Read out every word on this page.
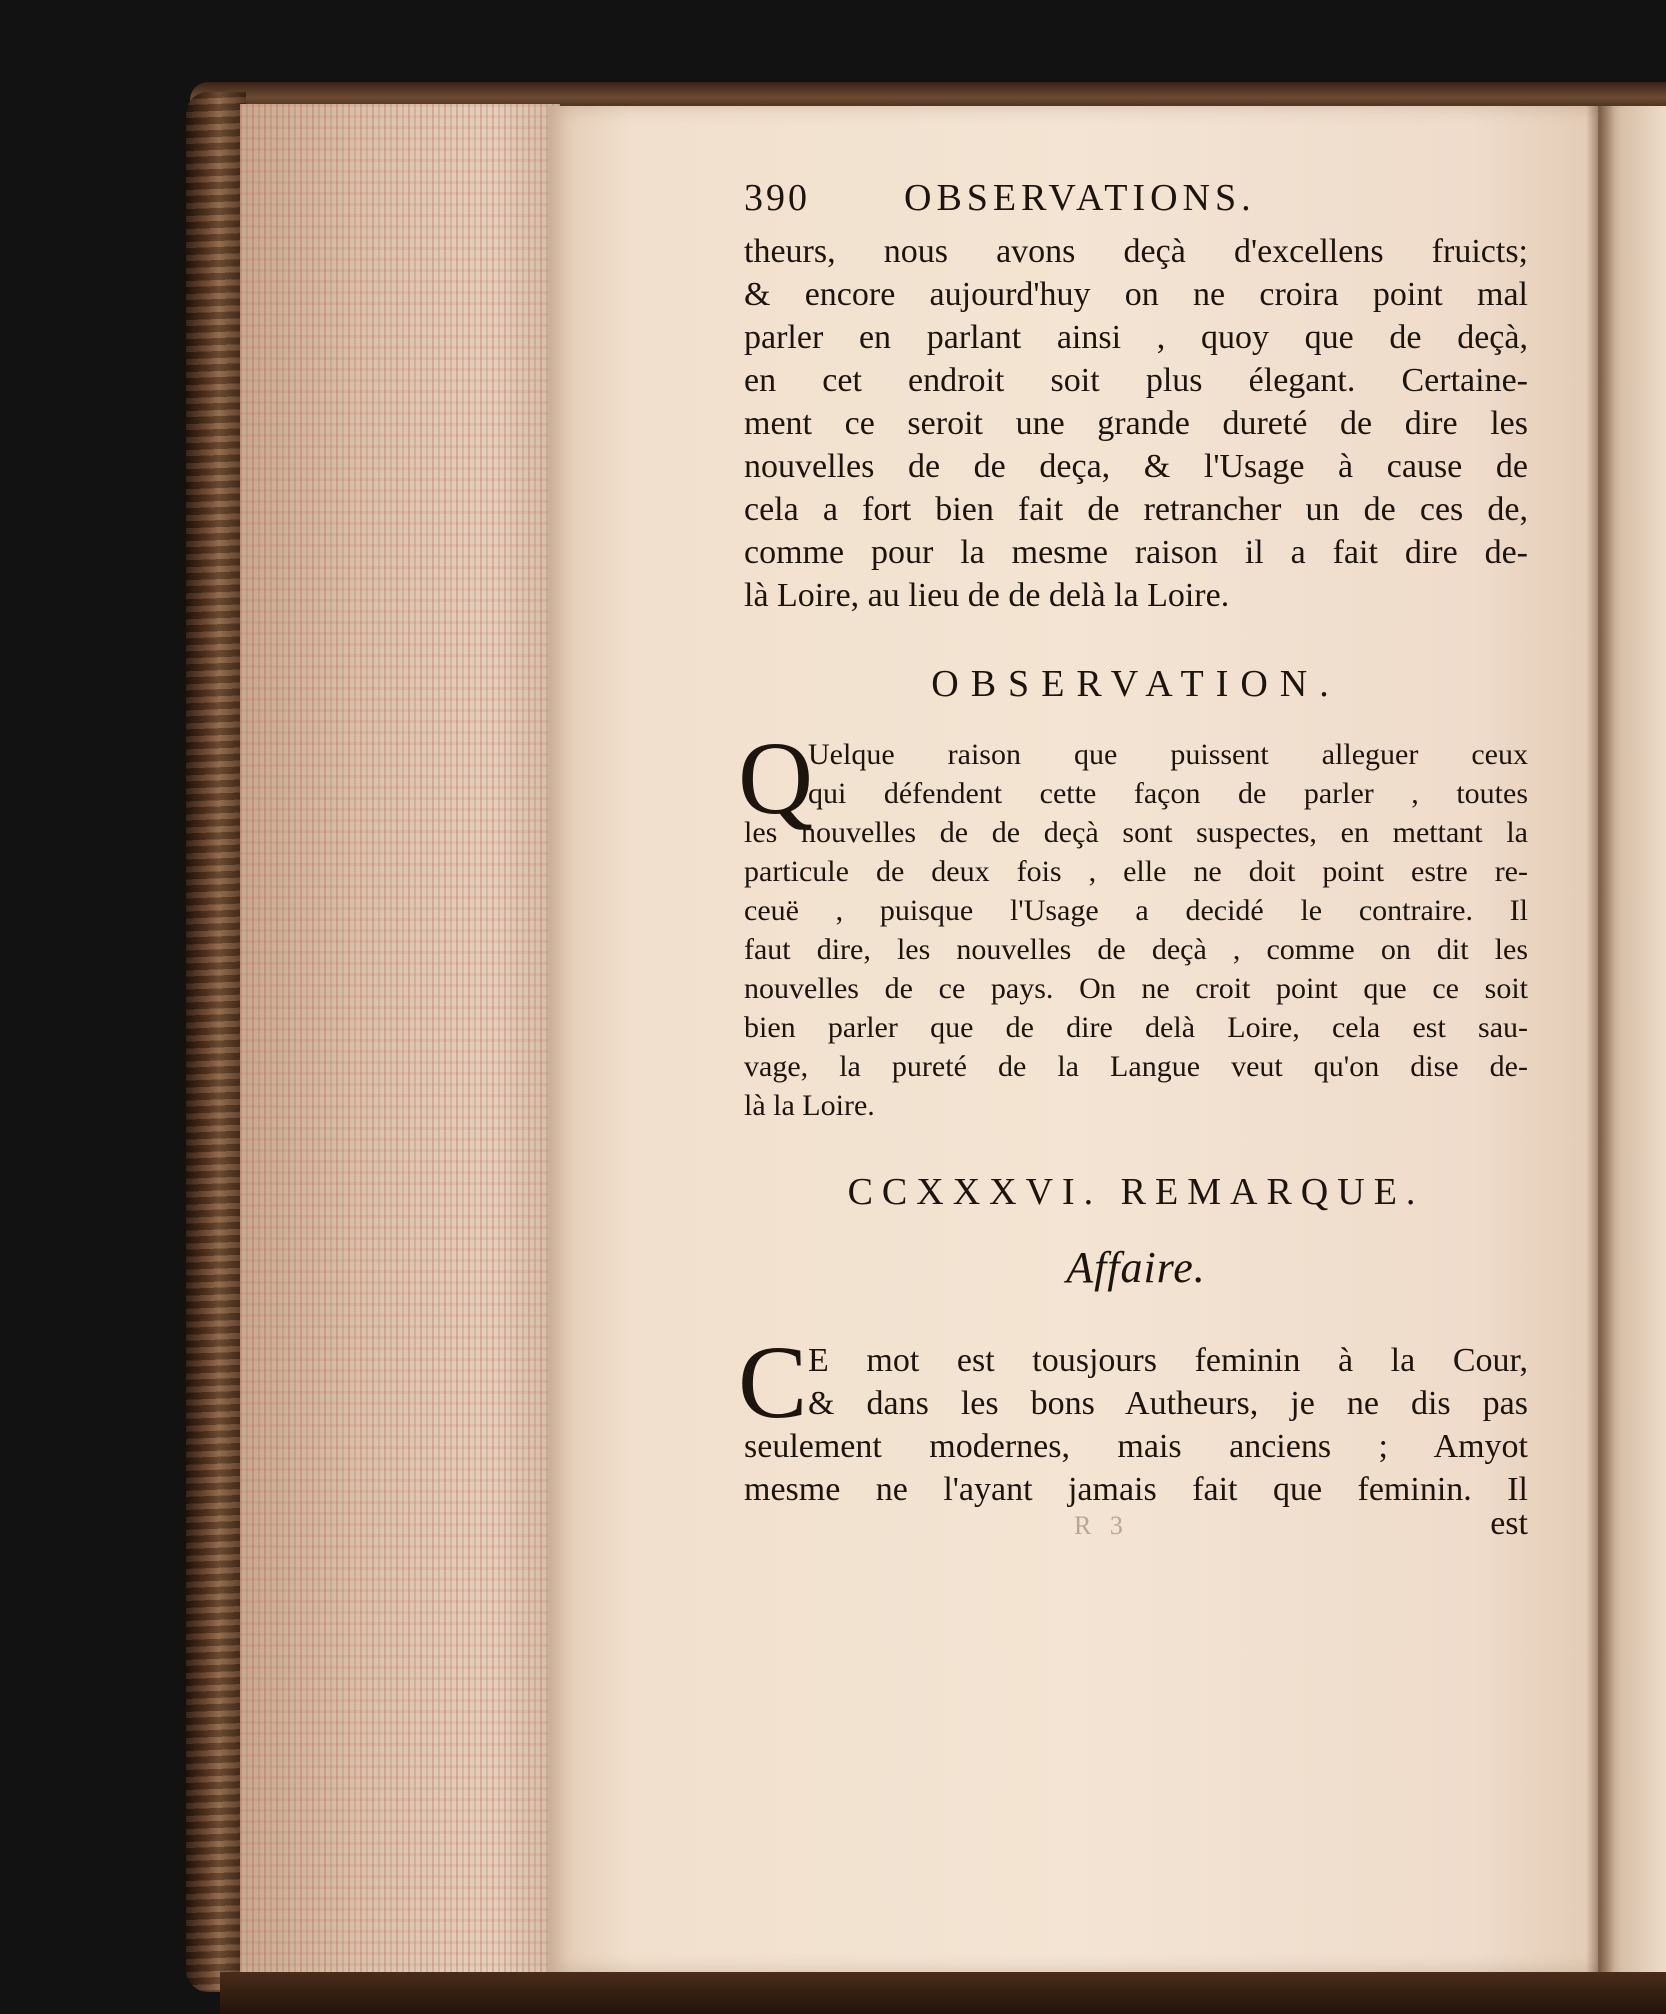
390 OBSERVATIONS.
theurs, nous avons deçà d'excellens fruicts;
& encore aujourd'huy on ne croira point mal
parler en parlant ainsi , quoy que de deçà,
en cet endroit soit plus élegant. Certaine-
ment ce seroit une grande dureté de dire les
nouvelles de de deça, & l'Usage à cause de
cela a fort bien fait de retrancher un de ces de,
comme pour la mesme raison il a fait dire de-
là Loire, au lieu de de delà la Loire.
OBSERVATION.
Q
Uelque raison que puissent alleguer ceux
qui défendent cette façon de parler , toutes
les nouvelles de de deçà sont suspectes, en mettant la
particule de deux fois , elle ne doit point estre re-
ceuë , puisque l'Usage a decidé le contraire. Il
faut dire, les nouvelles de deçà , comme on dit les
nouvelles de ce pays. On ne croit point que ce soit
bien parler que de dire delà Loire, cela est sau-
vage, la pureté de la Langue veut qu'on dise de-
là la Loire.
CCXXXVI. REMARQUE.
Affaire.
C E mot est tousjours feminin à la Cour,
& dans les bons Autheurs, je ne dis pas
seulement modernes, mais anciens ; Amyot
mesme ne l'ayant jamais fait que feminin. Il
R 3	est
